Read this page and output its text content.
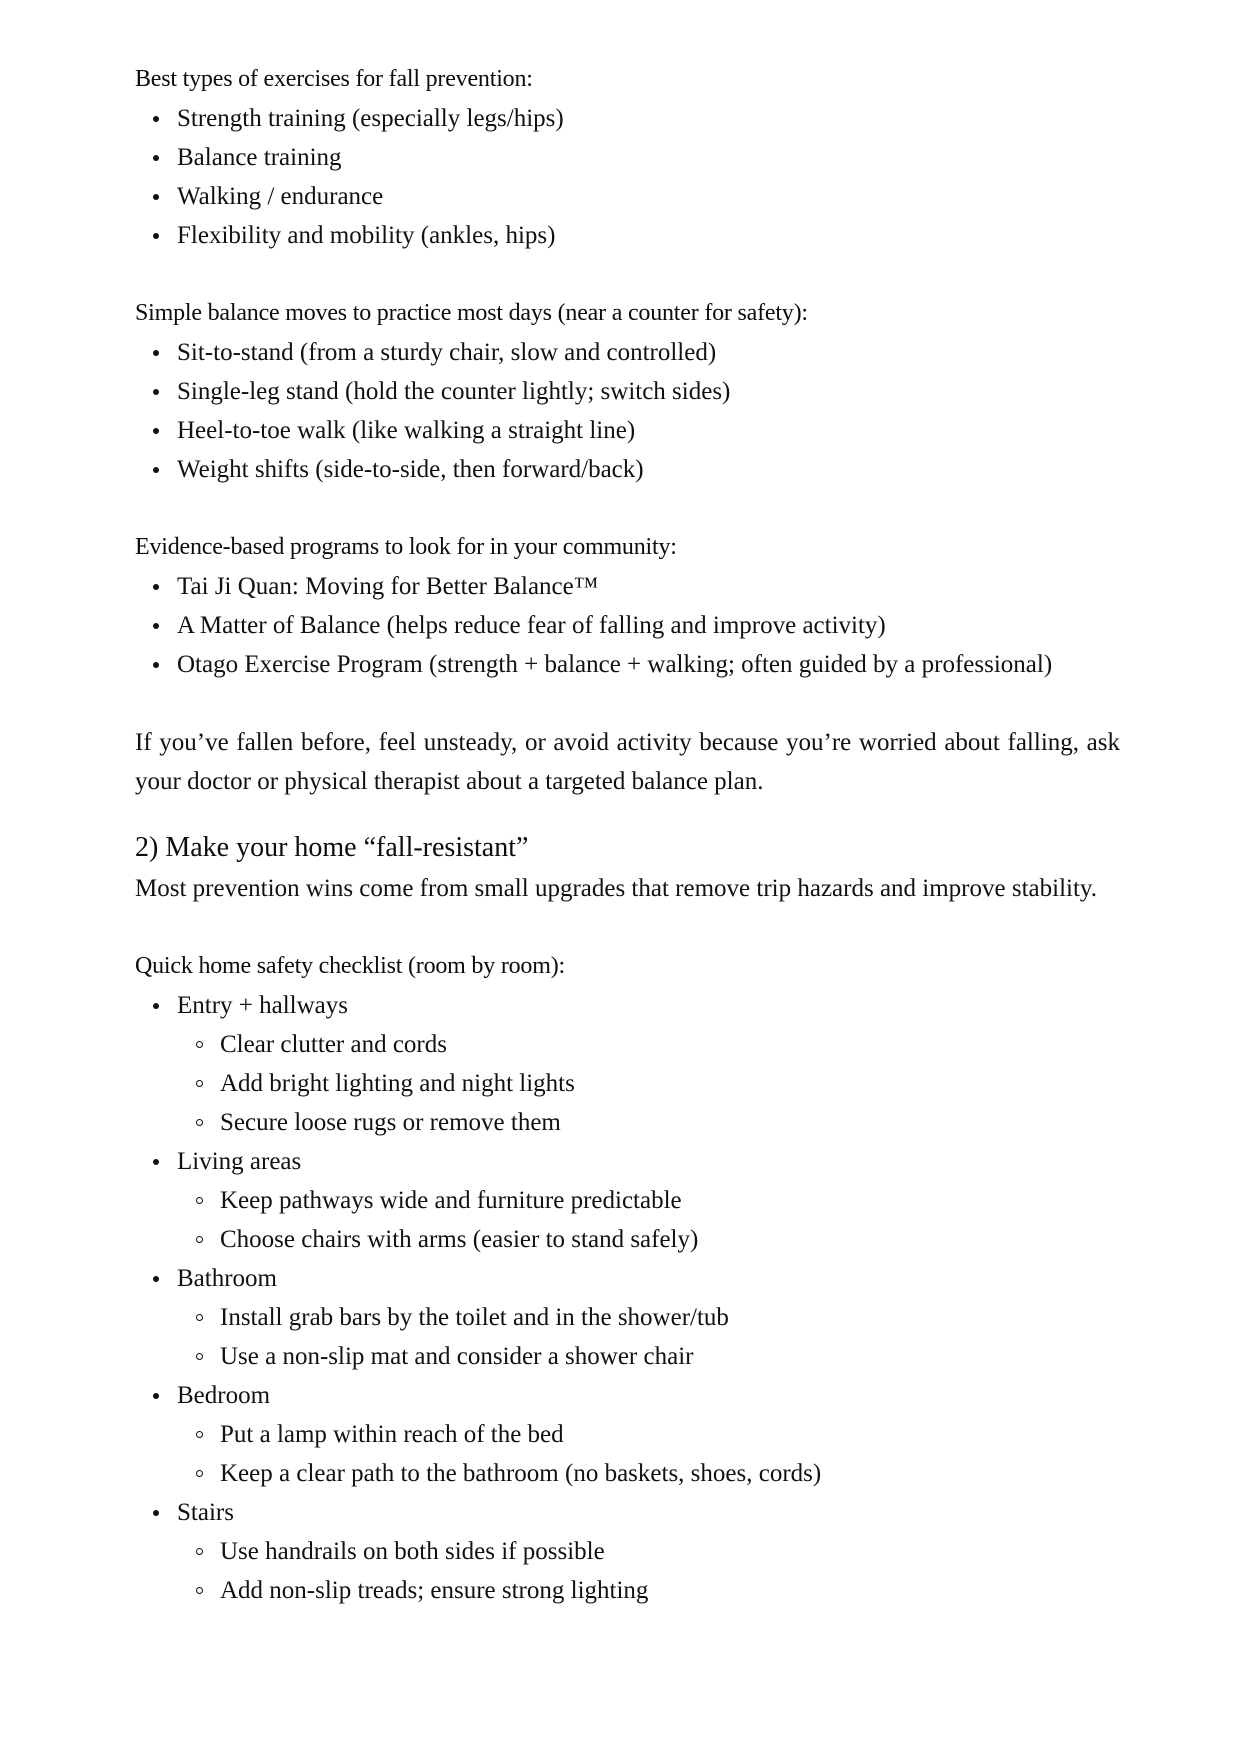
Best types of exercises for fall prevention:
Strength training (especially legs/hips)
Balance training
Walking / endurance
Flexibility and mobility (ankles, hips)
Simple balance moves to practice most days (near a counter for safety):
Sit-to-stand (from a sturdy chair, slow and controlled)
Single-leg stand (hold the counter lightly; switch sides)
Heel-to-toe walk (like walking a straight line)
Weight shifts (side-to-side, then forward/back)
Evidence-based programs to look for in your community:
Tai Ji Quan: Moving for Better Balance™
A Matter of Balance (helps reduce fear of falling and improve activity)
Otago Exercise Program (strength + balance + walking; often guided by a professional)

If you’ve fallen before, feel unsteady, or avoid activity because you’re worried about falling, ask your doctor or physical therapist about a targeted balance plan.

2) Make your home “fall-resistant”

Most prevention wins come from small upgrades that remove trip hazards and improve stability.

Quick home safety checklist (room by room):
Entry + hallways
Clear clutter and cords
Add bright lighting and night lights
Secure loose rugs or remove them
Living areas
Keep pathways wide and furniture predictable
Choose chairs with arms (easier to stand safely)
Bathroom
Install grab bars by the toilet and in the shower/tub
Use a non-slip mat and consider a shower chair
Bedroom
Put a lamp within reach of the bed
Keep a clear path to the bathroom (no baskets, shoes, cords)
Stairs
Use handrails on both sides if possible
Add non-slip treads; ensure strong lighting
